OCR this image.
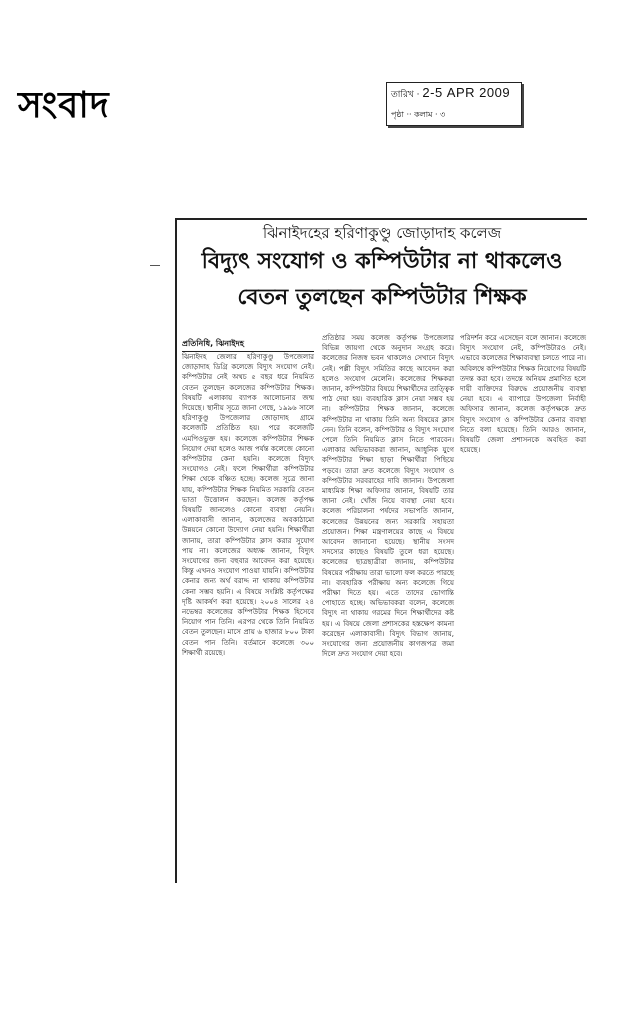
সংবাদ	তারিখ · 2-5 APR 2009
পৃষ্ঠা ·· কলাম · ৩
ঝিনাইদহের হরিণাকুণ্ডু জোড়াদাহ কলেজ
বিদ্যুৎ সংযোগ ও কম্পিউটার না থাকলেও
বেতন তুলছেন কম্পিউটার শিক্ষক
প্রতিনিধি, ঝিনাইদহ
ঝিনাইদহ জেলার হরিণাকুণ্ডু উপজেলার জোড়াদাহ ডিগ্রি কলেজে বিদ্যুৎ সংযোগ নেই। কম্পিউটার নেই অথচ ৫ বছর ধরে নিয়মিত বেতন তুলছেন কলেজের কম্পিউটার শিক্ষক। বিষয়টি এলাকায় ব্যাপক আলোচনার জন্ম দিয়েছে। স্থানীয় সূত্রে জানা গেছে, ১৯৯৬ সালে হরিণাকুণ্ডু উপজেলার জোড়াদাহ গ্রামে কলেজটি প্রতিষ্ঠিত হয়। পরে কলেজটি এমপিওভুক্ত হয়। কলেজে কম্পিউটার শিক্ষক নিয়োগ দেয়া হলেও আজ পর্যন্ত কলেজে কোনো কম্পিউটার কেনা হয়নি। কলেজে বিদ্যুৎ সংযোগও নেই। ফলে শিক্ষার্থীরা কম্পিউটার শিক্ষা থেকে বঞ্চিত হচ্ছে। কলেজ সূত্রে জানা যায়, কম্পিউটার শিক্ষক নিয়মিত সরকারি বেতন ভাতা উত্তোলন করছেন। কলেজ কর্তৃপক্ষ বিষয়টি জানলেও কোনো ব্যবস্থা নেয়নি। এলাকাবাসী জানান, কলেজের অবকাঠামো উন্নয়নে কোনো উদ্যোগ নেয়া হয়নি। শিক্ষার্থীরা জানায়, তারা কম্পিউটার ক্লাস করার সুযোগ পায় না। কলেজের অধ্যক্ষ জানান, বিদ্যুৎ সংযোগের জন্য বহুবার আবেদন করা হয়েছে। কিন্তু এখনও সংযোগ পাওয়া যায়নি। কম্পিউটার কেনার জন্য অর্থ বরাদ্দ না থাকায় কম্পিউটার কেনা সম্ভব হয়নি। এ বিষয়ে সংশ্লিষ্ট কর্তৃপক্ষের দৃষ্টি আকর্ষণ করা হয়েছে। ২০০৪ সালের ২৪ নভেম্বর কলেজের কম্পিউটার শিক্ষক হিসেবে নিয়োগ পান তিনি। এরপর থেকে তিনি নিয়মিত বেতন তুলছেন। মাসে প্রায় ৬ হাজার ৮০০ টাকা বেতন পান তিনি। বর্তমানে কলেজে ৩০০ শিক্ষার্থী রয়েছে।
প্রতিষ্ঠার সময় কলেজ কর্তৃপক্ষ উপজেলার বিভিন্ন জায়গা থেকে অনুদান সংগ্রহ করে। কলেজের নিজস্ব ভবন থাকলেও সেখানে বিদ্যুৎ নেই। পল্লী বিদ্যুৎ সমিতির কাছে আবেদন করা হলেও সংযোগ মেলেনি। কলেজের শিক্ষকরা জানান, কম্পিউটার বিষয়ে শিক্ষার্থীদের তাত্ত্বিক পাঠ দেয়া হয়। ব্যবহারিক ক্লাস নেয়া সম্ভব হয় না। কম্পিউটার শিক্ষক জানান, কলেজে কম্পিউটার না থাকায় তিনি অন্য বিষয়ের ক্লাস নেন। তিনি বলেন, কম্পিউটার ও বিদ্যুৎ সংযোগ পেলে তিনি নিয়মিত ক্লাস নিতে পারবেন। এলাকার অভিভাবকরা জানান, আধুনিক যুগে কম্পিউটার শিক্ষা ছাড়া শিক্ষার্থীরা পিছিয়ে পড়বে। তারা দ্রুত কলেজে বিদ্যুৎ সংযোগ ও কম্পিউটার সরবরাহের দাবি জানান। উপজেলা মাধ্যমিক শিক্ষা অফিসার জানান, বিষয়টি তার জানা নেই। খোঁজ নিয়ে ব্যবস্থা নেয়া হবে। কলেজ পরিচালনা পর্ষদের সভাপতি জানান, কলেজের উন্নয়নের জন্য সরকারি সহায়তা প্রয়োজন। শিক্ষা মন্ত্রণালয়ের কাছে এ বিষয়ে আবেদন জানানো হয়েছে। স্থানীয় সংসদ সদস্যের কাছেও বিষয়টি তুলে ধরা হয়েছে। কলেজের ছাত্রছাত্রীরা জানায়, কম্পিউটার বিষয়ের পরীক্ষায় তারা ভালো ফল করতে পারছে না। ব্যবহারিক পরীক্ষায় অন্য কলেজে গিয়ে পরীক্ষা দিতে হয়। এতে তাদের ভোগান্তি পোহাতে হচ্ছে। অভিভাবকরা বলেন, কলেজে বিদ্যুৎ না থাকায় গরমের দিনে শিক্ষার্থীদের কষ্ট হয়। এ বিষয়ে জেলা প্রশাসকের হস্তক্ষেপ কামনা করেছেন এলাকাবাসী। বিদ্যুৎ বিভাগ জানায়, সংযোগের জন্য প্রয়োজনীয় কাগজপত্র জমা দিলে দ্রুত সংযোগ দেয়া হবে।
পরিদর্শন করে এসেছেন বলে জানান। কলেজে বিদ্যুৎ সংযোগ নেই, কম্পিউটারও নেই। এভাবে কলেজের শিক্ষাব্যবস্থা চলতে পারে না। অবিলম্বে কম্পিউটার শিক্ষক নিয়োগের বিষয়টি তদন্ত করা হবে। তদন্তে অনিয়ম প্রমাণিত হলে দায়ী ব্যক্তিদের বিরুদ্ধে প্রয়োজনীয় ব্যবস্থা নেয়া হবে। এ ব্যাপারে উপজেলা নির্বাহী অফিসার জানান, কলেজ কর্তৃপক্ষকে দ্রুত বিদ্যুৎ সংযোগ ও কম্পিউটার কেনার ব্যবস্থা নিতে বলা হয়েছে। তিনি আরও জানান, বিষয়টি জেলা প্রশাসনকে অবহিত করা হয়েছে।
